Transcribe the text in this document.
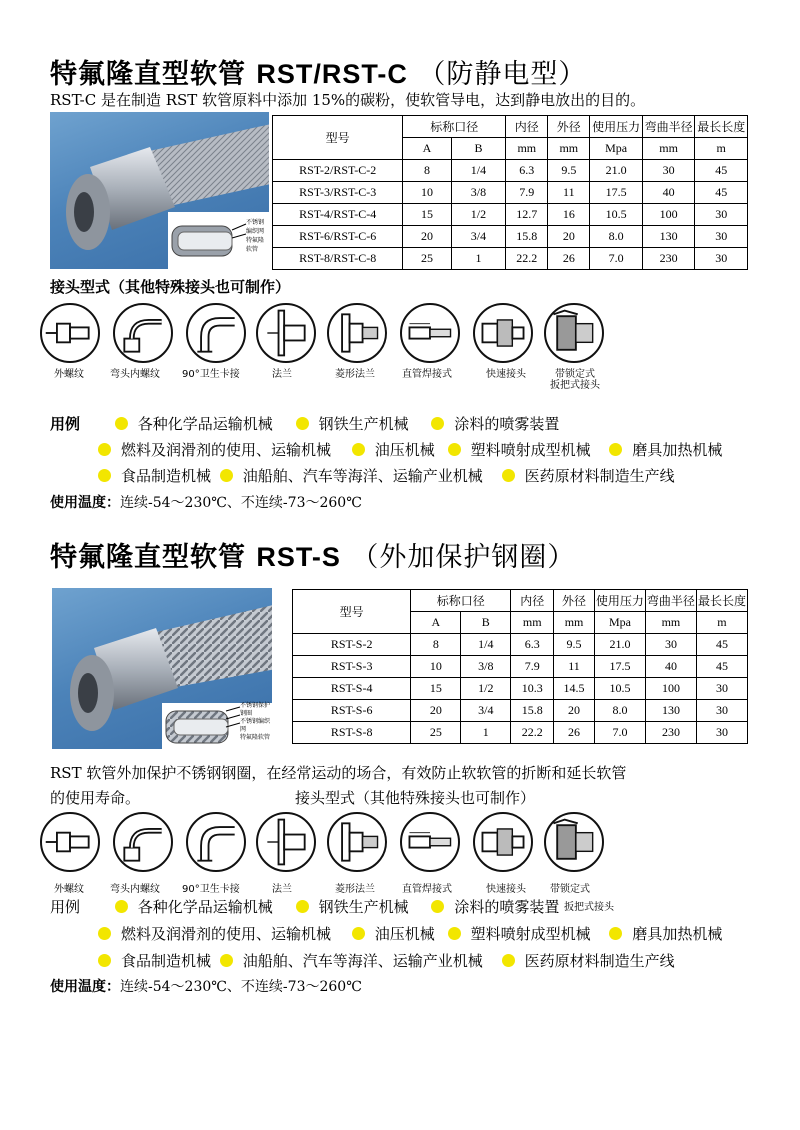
特氟隆直型软管 RST/RST-C （防静电型）
RST-C 是在制造 RST 软管原料中添加 15%的碳粉，使软管导电，达到静电放出的目的。
不锈钢编织网
特氟隆软管
型号	标称口径		内径	外径	使用压力	弯曲半径	最长长度
	A	B	mm	mm	Mpa	mm	m
RST-2/RST-C-2	8	1/4	6.3	9.5	21.0	30	45
RST-3/RST-C-3	10	3/8	7.9	11	17.5	40	45
RST-4/RST-C-4	15	1/2	12.7	16	10.5	100	30
RST-6/RST-C-6	20	3/4	15.8	20	8.0	130	30
RST-8/RST-C-8	25	1	22.2	26	7.0	230	30
接头型式（其他特殊接头也可制作）
外螺纹	弯头内螺纹 90°卫生卡接	法兰	菱形法兰	直管焊接式	快速接头	带锁定式
扳把式接头
用例	各种化学品运输机械	钢铁生产机械	涂料的喷雾装置
燃料及润滑剂的使用、运输机械	油压机械 塑料喷射成型机械	磨具加热机械
食品制造机械 油船舶、汽车等海洋、运输产业机械	医药原材料制造生产线
使用温度：连续-54～230℃、不连续-73～260℃
特氟隆直型软管 RST-S （外加保护钢圈）
不锈钢保护钢圈
不锈钢编织网
特氟隆软管
型号	标称口径		内径	外径	使用压力	弯曲半径	最长长度
	A	B	mm	mm	Mpa	mm	m
RST-S-2	8	1/4	6.3	9.5	21.0	30	45
RST-S-3	10	3/8	7.9	11	17.5	40	45
RST-S-4	15	1/2	10.3	14.5	10.5	100	30
RST-S-6	20	3/4	15.8	20	8.0	130	30
RST-S-8	25	1	22.2	26	7.0	230	30
RST 软管外加保护不锈钢钢圈，在经常运动的场合，有效防止软软管的折断和延长软管
的使用寿命。	接头型式（其他特殊接头也可制作）
外螺纹	弯头内螺纹 90°卫生卡接	法兰	菱形法兰	直管焊接式	快速接头 带锁定式
扳把式接头
用例	各种化学品运输机械	钢铁生产机械	涂料的喷雾装置
燃料及润滑剂的使用、运输机械	油压机械 塑料喷射成型机械	磨具加热机械
食品制造机械 油船舶、汽车等海洋、运输产业机械	医药原材料制造生产线
使用温度：连续-54～230℃、不连续-73～260℃
